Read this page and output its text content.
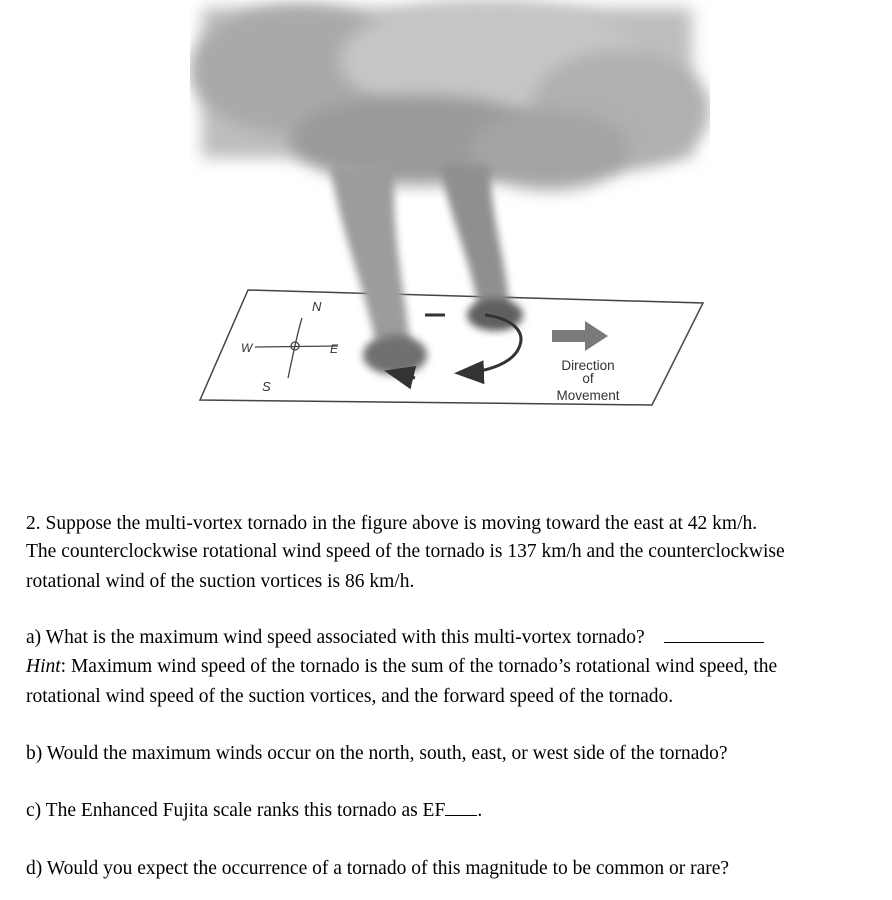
N
W	E
S
Direction
of
Movement
2. Suppose the multi-vortex tornado in the figure above is moving toward the east at 42 km/h.
The counterclockwise rotational wind speed of the tornado is 137 km/h and the counterclockwise
rotational wind of the suction vortices is 86 km/h.
a) What is the maximum wind speed associated with this multi-vortex tornado?
Hint: Maximum wind speed of the tornado is the sum of the tornado’s rotational wind speed, the
rotational wind speed of the suction vortices, and the forward speed of the tornado.
b) Would the maximum winds occur on the north, south, east, or west side of the tornado?
c) The Enhanced Fujita scale ranks this tornado as EF .
d) Would you expect the occurrence of a tornado of this magnitude to be common or rare?
